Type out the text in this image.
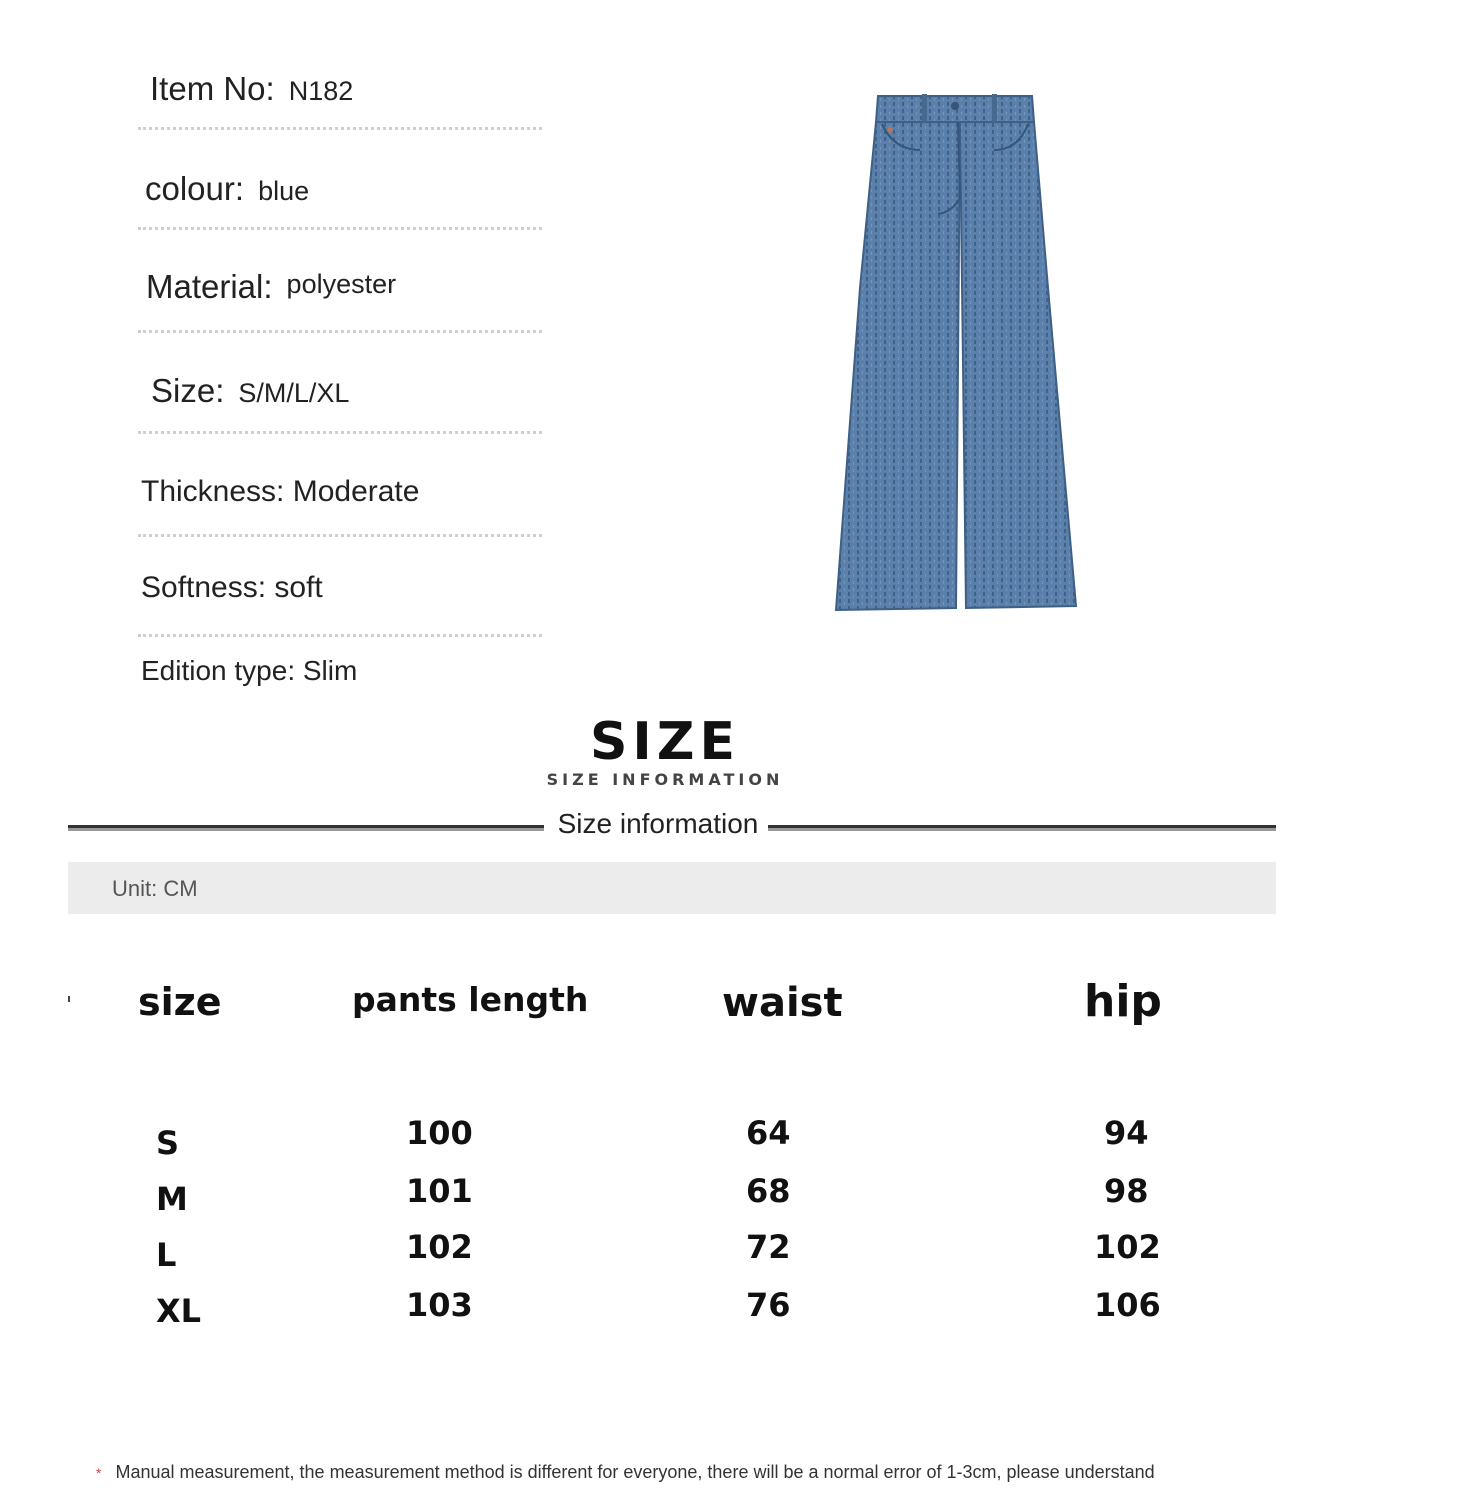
Item No: N182
colour: blue
Material: polyester
Size: S/M/L/XL
Thickness: Moderate
Softness: soft
Edition type: Slim
SIZE
SIZE INFORMATION
Size information
Unit: CM
size	pants length	waist	hip
S	100	64	94
M	101	68	98
L	102	72	102
XL	103	76	106
* Manual measurement, the measurement method is different for everyone, there will be a normal error of 1-3cm, please understand
